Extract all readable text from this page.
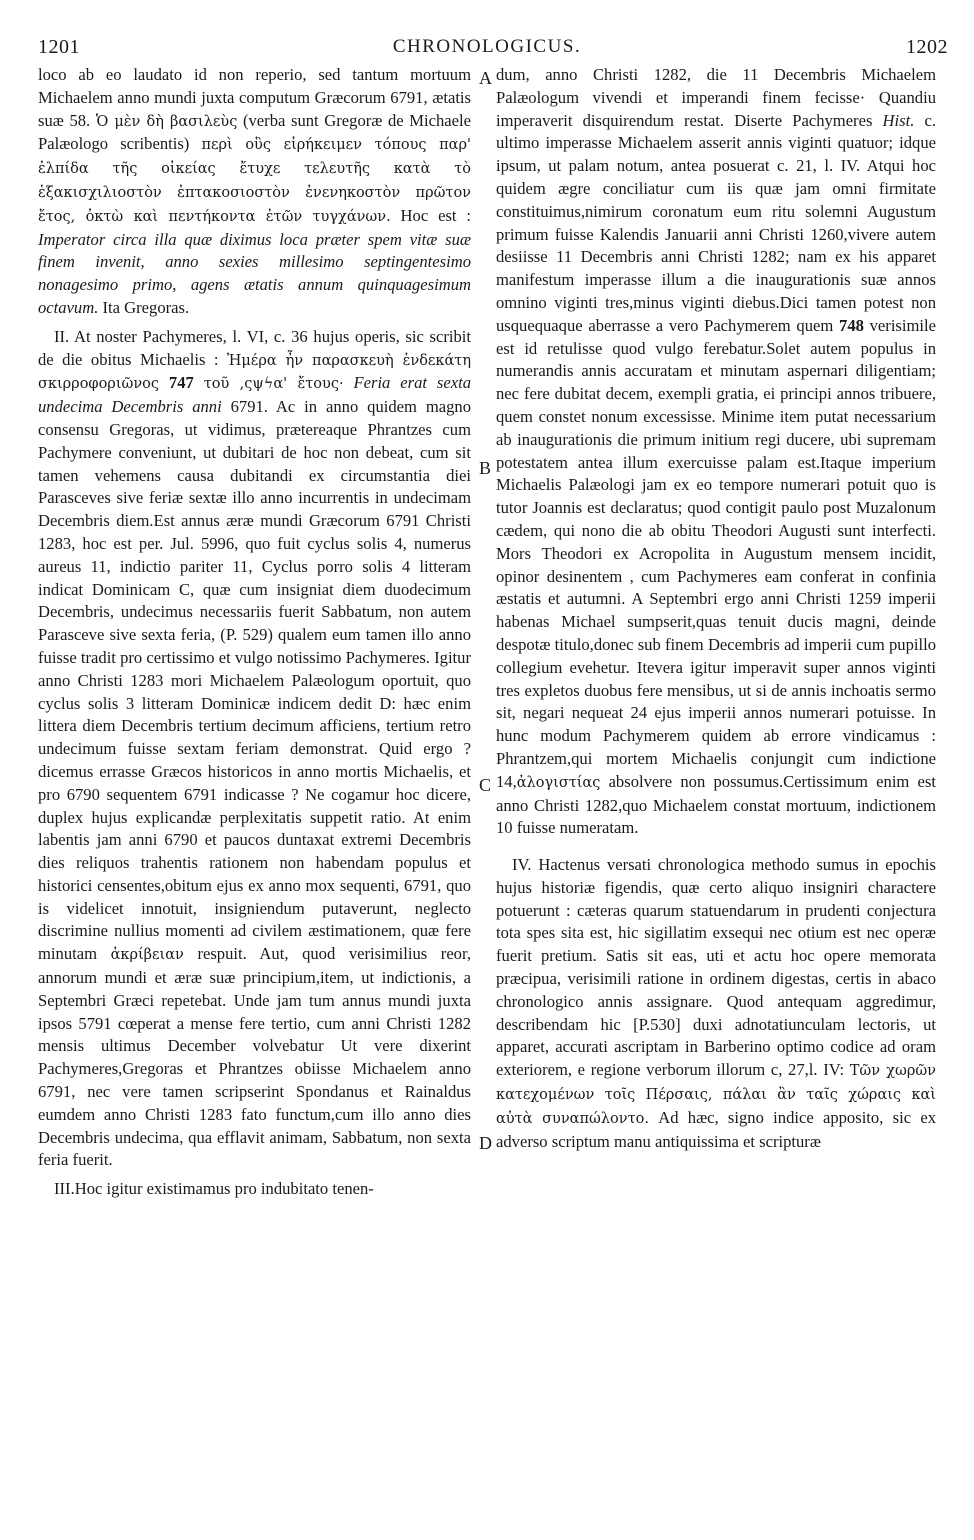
1201	CHRONOLOGICUS.	1202

loco ab eo laudato id non reperio, sed tantum mortuum Michaelem anno mundi juxta computum Græcorum 6791, ætatis suæ 58. Ὁ μὲν δὴ βασιλεὺς (verba sunt Gregoræ de Michaele Palæologo scribentis) περὶ οὓς εἰρήκειμεν τόπους παρ' ἐλπίδα τῆς οἰκείας ἔτυχε τελευτῆς κατὰ τὸ ἑξακισχιλιοστὸν ἑπτακοσιοστὸν ἐνενηκοστὸν πρῶτον ἔτος, ὀκτὼ καὶ πεντήκοντα ἐτῶν τυγχάνων. Hoc est : Imperator circa illa quæ diximus loca præter spem vitæ suæ finem invenit, anno sexies millesimo septingentesimo nonagesimo primo, agens ætatis annum quinquagesimum octavum. Ita Gregoras.

II. At noster Pachymeres, l. VI, c. 36 hujus operis, sic scribit de die obitus Michaelis : Ἡμέρα ἦν παρασκευὴ ἑνδεκάτη σκιρροφοριῶνος 747 τοῦ ,ςψϟα' ἔτους· Feria erat sexta undecima Decembris anni 6791. Ac in anno quidem magno consensu Gregoras, ut vidimus, prætereaque Phrantzes cum Pachymere conveniunt, ut dubitari de hoc non debeat, cum sit tamen vehemens causa dubitandi ex circumstantia diei Parasceves sive feriæ sextæ illo anno incurrentis in undecimam Decembris diem.Est annus æræ mundi Græcorum 6791 Christi 1283, hoc est per. Jul. 5996, quo fuit cyclus solis 4, numerus aureus 11, indictio pariter 11, Cyclus porro solis 4 litteram indicat Dominicam C, quæ cum insigniat diem duodecimum Decembris, undecimus necessariis fuerit Sabbatum, non autem Parasceve sive sexta feria, (P. 529) qualem eum tamen illo anno fuisse tradit pro certissimo et vulgo notissimo Pachymeres. Igitur anno Christi 1283 mori Michaelem Palæologum oportuit, quo cyclus solis 3 litteram Dominicæ indicem dedit D: hæc enim littera diem Decembris tertium decimum afficiens, tertium retro undecimum fuisse sextam feriam demonstrat. Quid ergo ? dicemus errasse Græcos historicos in anno mortis Michaelis, et pro 6790 sequentem 6791 indicasse ? Ne cogamur hoc dicere, duplex hujus explicandæ perplexitatis suppetit ratio. At enim labentis jam anni 6790 et paucos duntaxat extremi Decembris dies reliquos trahentis rationem non habendam populus et historici censentes,obitum ejus ex anno mox sequenti, 6791, quo is videlicet innotuit, insigniendum putaverunt, neglecto discrimine nullius momenti ad civilem æstimationem, quæ fere minutam ἀκρίβειαν respuit. Aut, quod verisimilius reor, annorum mundi et æræ suæ principium,item, ut indictionis, a Septembri Græci repetebat. Unde jam tum annus mundi juxta ipsos 5791 cœperat a mense fere tertio, cum anni Christi 1282 mensis ultimus December volvebatur Ut vere dixerint Pachymeres,Gregoras et Phrantzes obiisse Michaelem anno 6791, nec vere tamen scripserint Spondanus et Rainaldus eumdem anno Christi 1283 fato functum,cum illo anno dies Decembris undecima, qua efflavit animam, Sabbatum, non sexta feria fuerit.

III.Hoc igitur existimamus pro indubitato tenen-

dum, anno Christi 1282, die 11 Decembris Michaelem Palæologum vivendi et imperandi finem fecisse· Quandiu imperaverit disquirendum restat. Diserte Pachymeres Hist. c. ultimo imperasse Michaelem asserit annis viginti quatuor; idque ipsum, ut palam notum, antea posuerat c. 21, l. IV. Atqui hoc quidem ægre conciliatur cum iis quæ jam omni firmitate constituimus,nimirum coronatum eum ritu solemni Augustum primum fuisse Kalendis Januarii anni Christi 1260,vivere autem desiisse 11 Decembris anni Christi 1282; nam ex his apparet manifestum imperasse illum a die inaugurationis suæ annos omnino viginti tres,minus viginti diebus.Dici tamen potest non usquequaque aberrasse a vero Pachymerem quem 748 verisimile est id retulisse quod vulgo ferebatur.Solet autem populus in numerandis annis accuratam et minutam aspernari diligentiam; nec fere dubitat decem, exempli gratia, ei principi annos tribuere, quem constet nonum excessisse. Minime item putat necessarium ab inaugurationis die primum initium regi ducere, ubi supremam potestatem antea illum exercuisse palam est.Itaque imperium Michaelis Palæologi jam ex eo tempore numerari potuit quo is tutor Joannis est declaratus; quod contigit paulo post Muzalonum cædem, qui nono die ab obitu Theodori Augusti sunt interfecti. Mors Theodori ex Acropolita in Augustum mensem incidit, opinor desinentem , cum Pachymeres eam conferat in confinia æstatis et autumni. A Septembri ergo anni Christi 1259 imperii habenas Michael sumpserit,quas tenuit ducis magni, deinde despotæ titulo,donec sub finem Decembris ad imperii cum pupillo collegium evehetur. Itevera igitur imperavit super annos viginti tres expletos duobus fere mensibus, ut si de annis inchoatis sermo sit, negari nequeat 24 ejus imperii annos numerari potuisse. In hunc modum Pachymerem quidem ab errore vindicamus : Phrantzem,qui mortem Michaelis conjungit cum indictione 14,ἀλογιστίας absolvere non possumus.Certissimum enim est anno Christi 1282,quo Michaelem constat mortuum, indictionem 10 fuisse numeratam.

IV. Hactenus versati chronologica methodo sumus in epochis hujus historiæ figendis, quæ certo aliquo insigniri charactere potuerunt : cæteras quarum statuendarum in prudenti conjectura tota spes sita est, hic sigillatim exsequi nec otium est nec operæ fuerit pretium. Satis sit eas, uti et actu hoc opere memorata præcipua, verisimili ratione in ordinem digestas, certis in abaco chronologico annis assignare. Quod antequam aggredimur, describendam hic [P.530] duxi adnotatiunculam lectoris, ut apparet, accurati ascriptam in Barberino optimo codice ad oram exteriorem, e regione verborum illorum c, 27,l. IV: Τῶν χωρῶν κατεχομένων τοῖς Πέρσαις, πάλαι ἂν ταῖς χώραις καὶ αὐτὰ συναπώλοντο. Ad hæc, signo indice apposito, sic ex adverso scriptum manu antiquissima et scripturæ

A
B
C
D
